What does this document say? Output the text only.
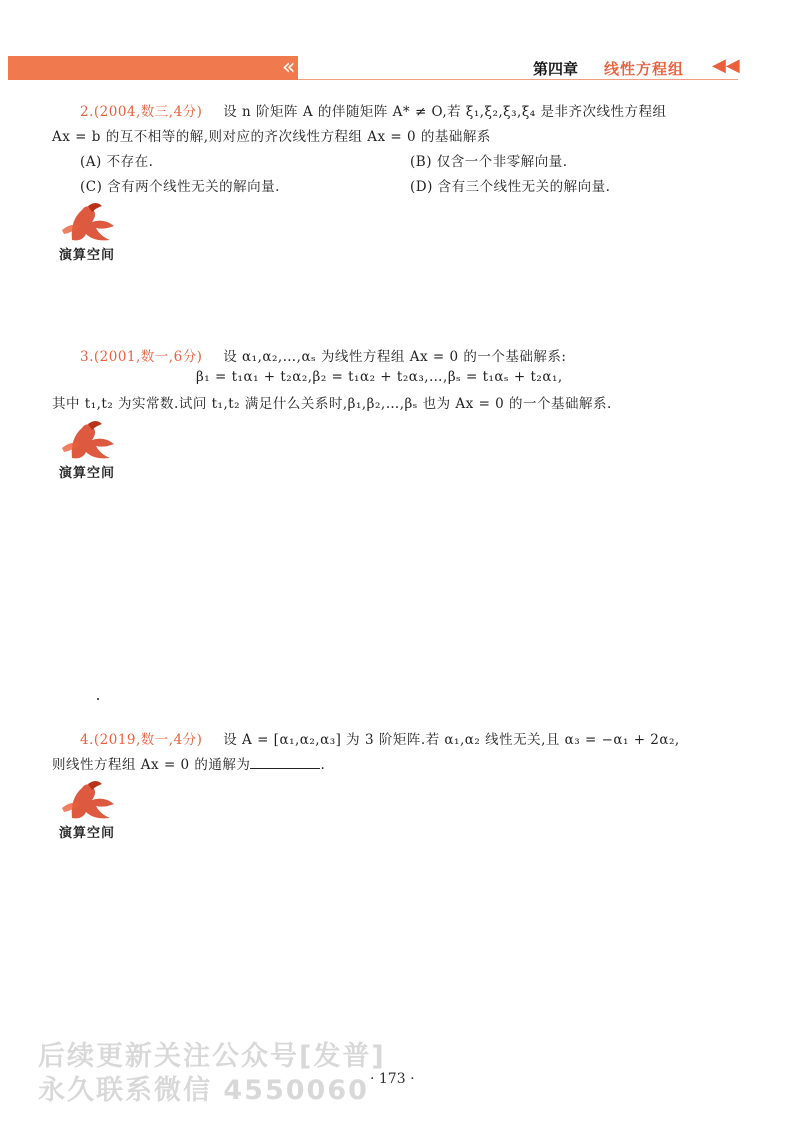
«	第四章 线性方程组 ◀◀
2.(2004,数三,4分) 设 n 阶矩阵 A 的伴随矩阵 A* ≠ O,若 ξ₁,ξ₂,ξ₃,ξ₄ 是非齐次线性方程组
Ax = b 的互不相等的解,则对应的齐次线性方程组 Ax = 0 的基础解系
(A) 不存在.	(B) 仅含一个非零解向量.
(C) 含有两个线性无关的解向量.	(D) 含有三个线性无关的解向量.
演算空间
3.(2001,数一,6分) 设 α₁,α₂,…,αₛ 为线性方程组 Ax = 0 的一个基础解系:
β₁ = t₁α₁ + t₂α₂,β₂ = t₁α₂ + t₂α₃,…,βₛ = t₁αₛ + t₂α₁,
其中 t₁,t₂ 为实常数.试问 t₁,t₂ 满足什么关系时,β₁,β₂,…,βₛ 也为 Ax = 0 的一个基础解系.
演算空间
4.(2019,数一,4分) 设 A = [α₁,α₂,α₃] 为 3 阶矩阵.若 α₁,α₂ 线性无关,且 α₃ = −α₁ + 2α₂,
则线性方程组 Ax = 0 的通解为	.
演算空间
后续更新关注公众号[发普]
· 173 ·
永久联系微信 4550060
